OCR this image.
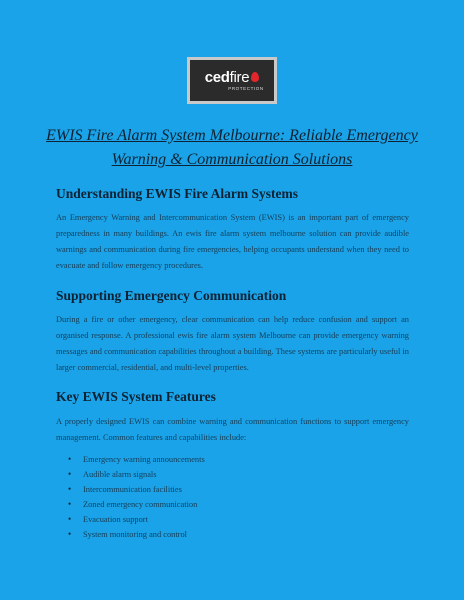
ced fire
PROTECTION
EWIS Fire Alarm System Melbourne: Reliable Emergency Warning & Communication Solutions
Understanding EWIS Fire Alarm Systems

An Emergency Warning and Intercommunication System (EWIS) is an important part of emergency preparedness in many buildings. An ewis fire alarm system melbourne solution can provide audible warnings and communication during fire emergencies, helping occupants understand when they need to evacuate and follow emergency procedures.

Supporting Emergency Communication

During a fire or other emergency, clear communication can help reduce confusion and support an organised response. A professional ewis fire alarm system Melbourne can provide emergency warning messages and communication capabilities throughout a building. These systems are particularly useful in larger commercial, residential, and multi-level properties.

Key EWIS System Features

A properly designed EWIS can combine warning and communication functions to support emergency management. Common features and capabilities include:

• Emergency warning announcements
• Audible alarm signals
• Intercommunication facilities
• Zoned emergency communication
• Evacuation support
• System monitoring and control
